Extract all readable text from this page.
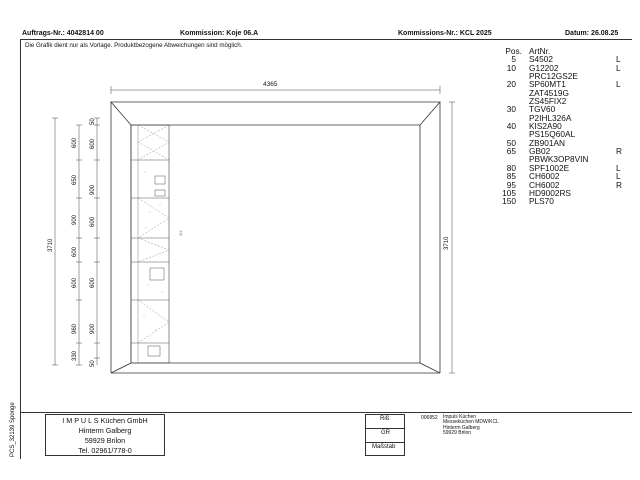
Auftrags-Nr.: 4042814 00	Kommission: Koje 06.A	Kommissions-Nr.: KCL 2025	Datum: 26.08.25
Die Grafik dient nur als Vorlage. Produktbezogene Abweichungen sind möglich.
PCS_32139 Sponge
4365
3710	3710
3/4
600
650
900
600
600
960
330
50
600
900
600
600
900
50
Pos. ArtNr.
5 S4502	L
10 G12202	L
PRC12GS2E
20 SP60MT1	L
ZAT4519G
ZS45FIX2
30 TGV60
P2IHL326A
40 KIS2A90
PS15Q60AL
50 ZB901AN
65 GB02	R
PBWK3OP8VIN
80 SPF1002E	L
85 CH6002	L
95 CH6002	R
105 HD9002RS
150 PLS70
I M P U L S Küchen GmbH
Hinterm Galberg
59929 Brilon
Tel. 02961/778-0
Riß
GR
Maßstab
006852 Impuls Küchen
Messeküchen MDW/KCL
Hinterm Galberg
59929 Brilon
